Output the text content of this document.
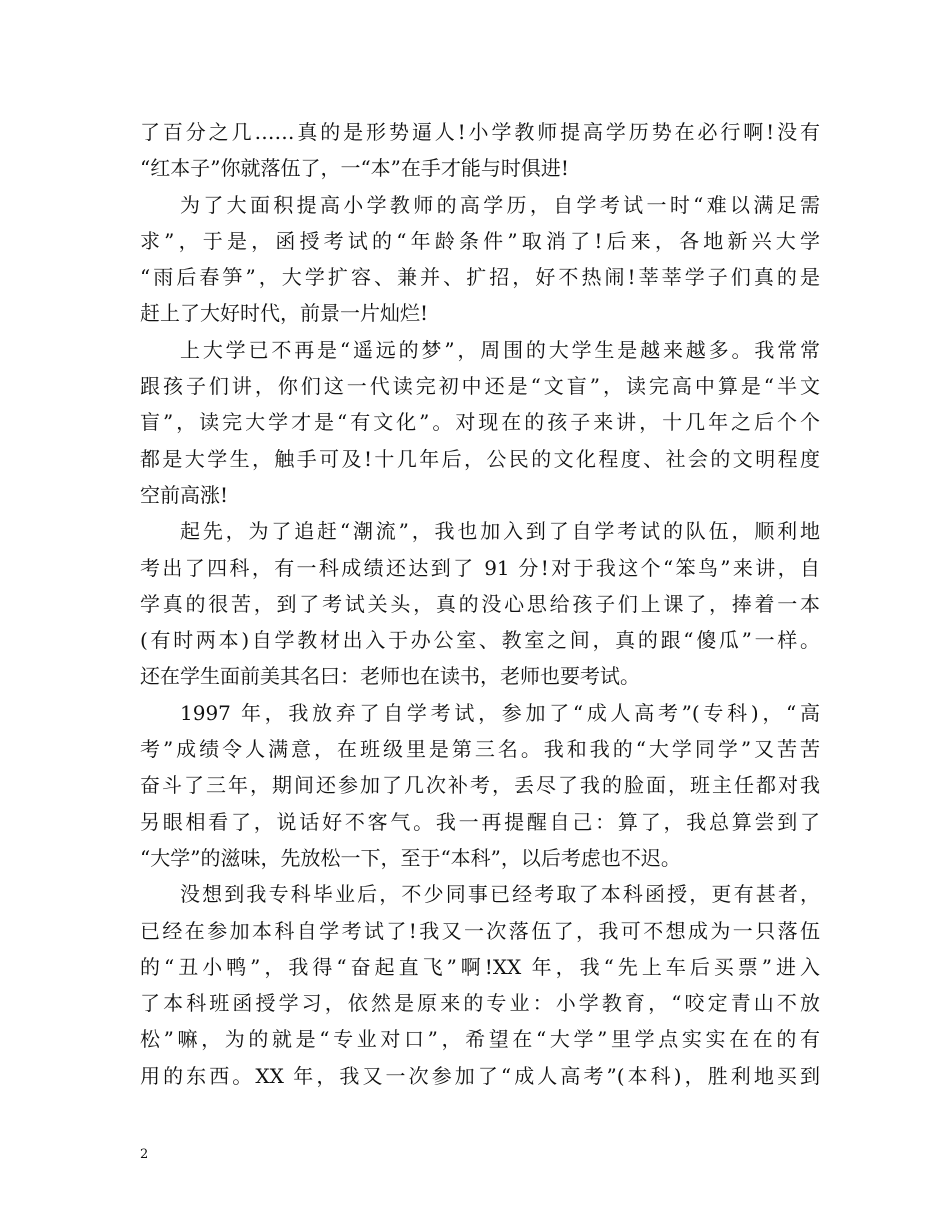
了百分之几……真的是形势逼人!小学教师提高学历势在必行啊!没有
“红本子”你就落伍了，一“本”在手才能与时俱进!
为了大面积提高小学教师的高学历，自学考试一时“难以满足需
求”，于是，函授考试的“年龄条件”取消了!后来，各地新兴大学
“雨后春笋”，大学扩容、兼并、扩招，好不热闹!莘莘学子们真的是
赶上了大好时代，前景一片灿烂!
上大学已不再是“遥远的梦”，周围的大学生是越来越多。我常常
跟孩子们讲，你们这一代读完初中还是“文盲”，读完高中算是“半文
盲”，读完大学才是“有文化”。对现在的孩子来讲，十几年之后个个
都是大学生，触手可及!十几年后，公民的文化程度、社会的文明程度
空前高涨!
起先，为了追赶“潮流”，我也加入到了自学考试的队伍，顺利地
考出了四科，有一科成绩还达到了 91 分!对于我这个“笨鸟”来讲，自
学真的很苦，到了考试关头，真的没心思给孩子们上课了，捧着一本
(有时两本)自学教材出入于办公室、教室之间，真的跟“傻瓜”一样。
还在学生面前美其名曰：老师也在读书，老师也要考试。
1997 年，我放弃了自学考试，参加了“成人高考”(专科)，“高
考”成绩令人满意，在班级里是第三名。我和我的“大学同学”又苦苦
奋斗了三年，期间还参加了几次补考，丢尽了我的脸面，班主任都对我
另眼相看了，说话好不客气。我一再提醒自己：算了，我总算尝到了
“大学”的滋味，先放松一下，至于“本科”，以后考虑也不迟。
没想到我专科毕业后，不少同事已经考取了本科函授，更有甚者，
已经在参加本科自学考试了!我又一次落伍了，我可不想成为一只落伍
的“丑小鸭”，我得“奋起直飞”啊!XX 年，我“先上车后买票”进入
了本科班函授学习，依然是原来的专业：小学教育，“咬定青山不放
松”嘛，为的就是“专业对口”，希望在“大学”里学点实实在在的有
用的东西。XX 年，我又一次参加了“成人高考”(本科)，胜利地买到
2
